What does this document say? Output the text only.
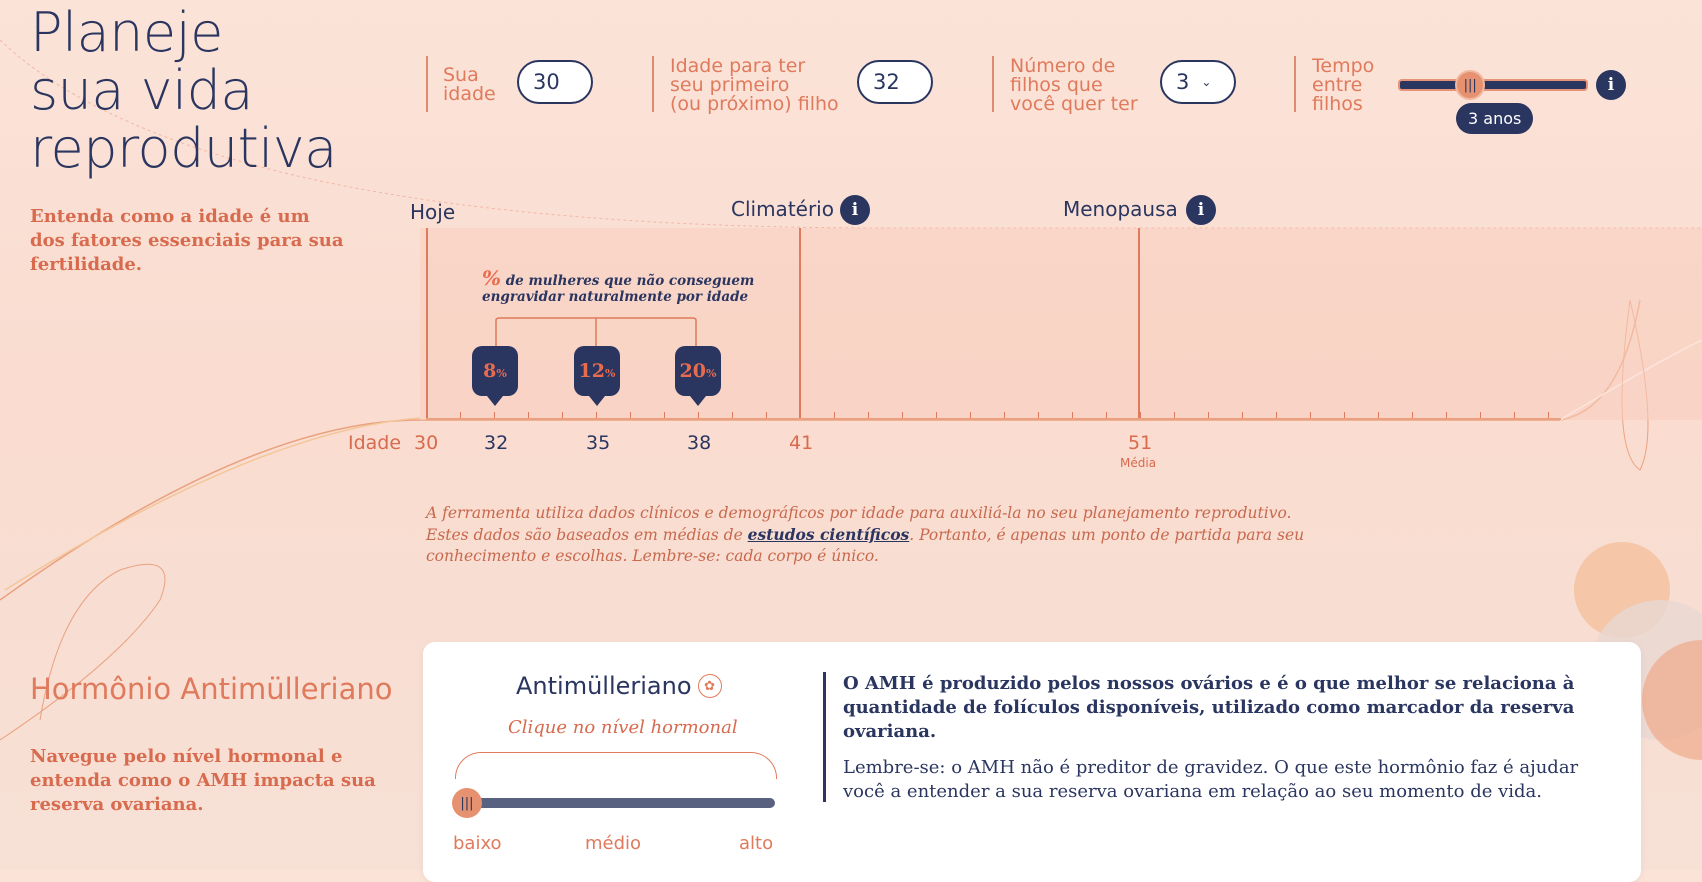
Planeje
sua vida
reprodutiva
Entenda como a idade é um dos fatores essenciais para sua fertilidade.
Sua
idade 30
Idade para ter
seu primeiro
(ou próximo) filho
32
Número de
filhos que
você quer ter
3 ⌄
Tempo
entre
filhos
|||	i
3 anos
Hoje	Climatério i	Menopausa i
% de mulheres que não conseguem
engravidar naturalmente por idade
8 %	12 %	20 %
Idade 30 32	35	38	41	51
Média
A ferramenta utiliza dados clínicos e demográficos por idade para auxiliá-la no seu planejamento reprodutivo. Estes dados são baseados em médias de estudos científicos. Portanto, é apenas um ponto de partida para seu conhecimento e escolhas. Lembre-se: cada corpo é único.
Hormônio Antimülleriano
Navegue pelo nível hormonal e entenda como o AMH impacta sua reserva ovariana.
Antimülleriano ✿
Clique no nível hormonal
|||
baixo	médio	alto
O AMH é produzido pelos nossos ovários e é o que melhor se relaciona à quantidade de folículos disponíveis, utilizado como marcador da reserva ovariana.
Lembre-se: o AMH não é preditor de gravidez. O que este hormônio faz é ajudar você a entender a sua reserva ovariana em relação ao seu momento de vida.
